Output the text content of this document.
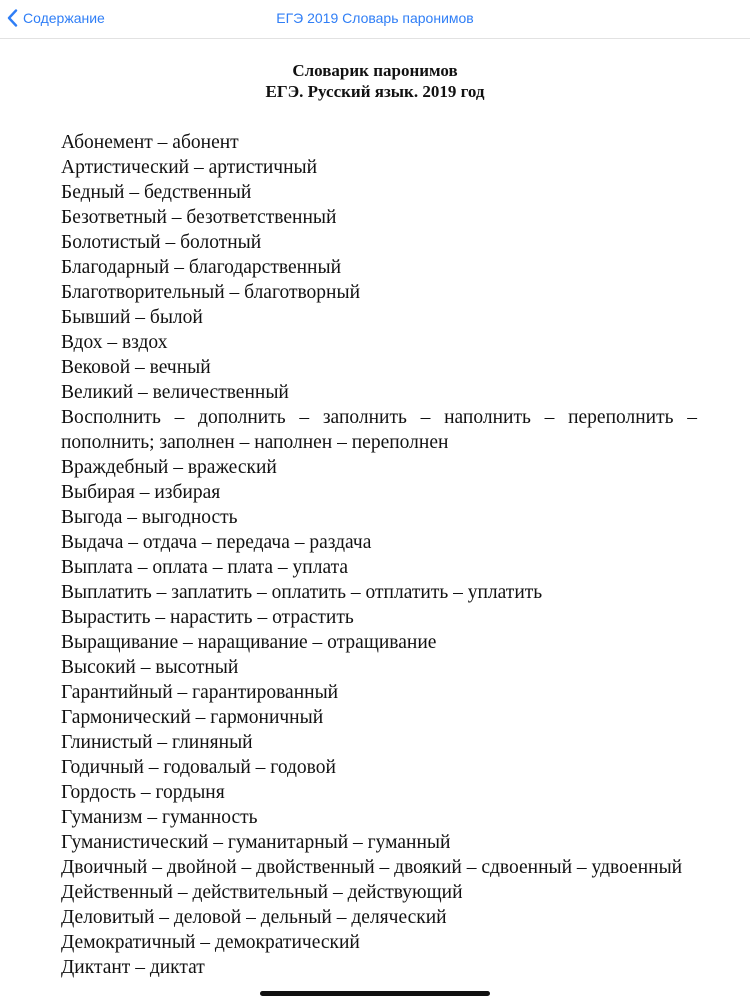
Содержание	ЕГЭ 2019 Словарь паронимов
Словарик паронимов
ЕГЭ. Русский язык. 2019 год
Абонемент – абонент
Артистический – артистичный
Бедный – бедственный
Безответный – безответственный
Болотистый – болотный
Благодарный – благодарственный
Благотворительный – благотворный
Бывший – былой
Вдох – вздох
Вековой – вечный
Великий – величественный
Восполнить – дополнить – заполнить – наполнить – переполнить – пополнить; заполнен – наполнен – переполнен
Враждебный – вражеский
Выбирая – избирая
Выгода – выгодность
Выдача – отдача – передача – раздача
Выплата – оплата – плата – уплата
Выплатить – заплатить – оплатить – отплатить – уплатить
Вырастить – нарастить – отрастить
Выращивание – наращивание – отращивание
Высокий – высотный
Гарантийный – гарантированный
Гармонический – гармоничный
Глинистый – глиняный
Годичный – годовалый – годовой
Гордость – гордыня
Гуманизм – гуманность
Гуманистический – гуманитарный – гуманный
Двоичный – двойной – двойственный – двоякий – сдвоенный – удвоенный
Действенный – действительный – действующий
Деловитый – деловой – дельный – деляческий
Демократичный – демократический
Диктант – диктат
